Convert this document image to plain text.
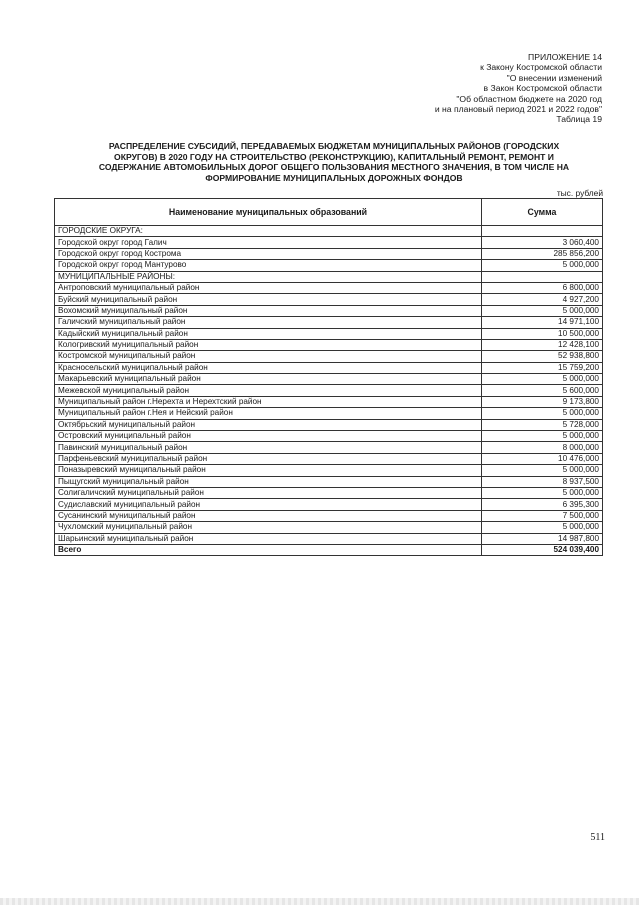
ПРИЛОЖЕНИЕ 14
к Закону Костромской области
"О внесении изменений
в Закон Костромской области
"Об областном бюджете на 2020 год
и на плановый период 2021 и 2022 годов"
Таблица 19
РАСПРЕДЕЛЕНИЕ СУБСИДИЙ, ПЕРЕДАВАЕМЫХ БЮДЖЕТАМ МУНИЦИПАЛЬНЫХ РАЙОНОВ (ГОРОДСКИХ
ОКРУГОВ) В 2020 ГОДУ НА СТРОИТЕЛЬСТВО (РЕКОНСТРУКЦИЮ), КАПИТАЛЬНЫЙ РЕМОНТ, РЕМОНТ И
СОДЕРЖАНИЕ АВТОМОБИЛЬНЫХ ДОРОГ ОБЩЕГО ПОЛЬЗОВАНИЯ МЕСТНОГО ЗНАЧЕНИЯ, В ТОМ ЧИСЛЕ НА
ФОРМИРОВАНИЕ МУНИЦИПАЛЬНЫХ ДОРОЖНЫХ ФОНДОВ
тыс. рублей
Наименование муниципальных образований	Сумма
ГОРОДСКИЕ ОКРУГА:	
Городской округ город Галич	3 060,400
Городской округ город Кострома	285 856,200
Городской округ город Мантурово	5 000,000
МУНИЦИПАЛЬНЫЕ РАЙОНЫ:	
Антроповский муниципальный район	6 800,000
Буйский муниципальный район	4 927,200
Вохомский муниципальный район	5 000,000
Галичский муниципальный район	14 971,100
Кадыйский муниципальный район	10 500,000
Кологривский муниципальный район	12 428,100
Костромской муниципальный район	52 938,800
Красносельский муниципальный район	15 759,200
Макарьевский муниципальный район	5 000,000
Межевской муниципальный район	5 600,000
Муниципальный район г.Нерехта и Нерехтский район	9 173,800
Муниципальный район г.Нея и Нейский район	5 000,000
Октябрьский муниципальный район	5 728,000
Островский муниципальный район	5 000,000
Павинский муниципальный район	8 000,000
Парфеньевский муниципальный район	10 476,000
Поназыревский муниципальный район	5 000,000
Пыщугский муниципальный район	8 937,500
Солигаличский муниципальный район	5 000,000
Судиславский муниципальный район	6 395,300
Сусанинский муниципальный район	7 500,000
Чухломский муниципальный район	5 000,000
Шарьинский муниципальный район	14 987,800
Всего	524 039,400
511
